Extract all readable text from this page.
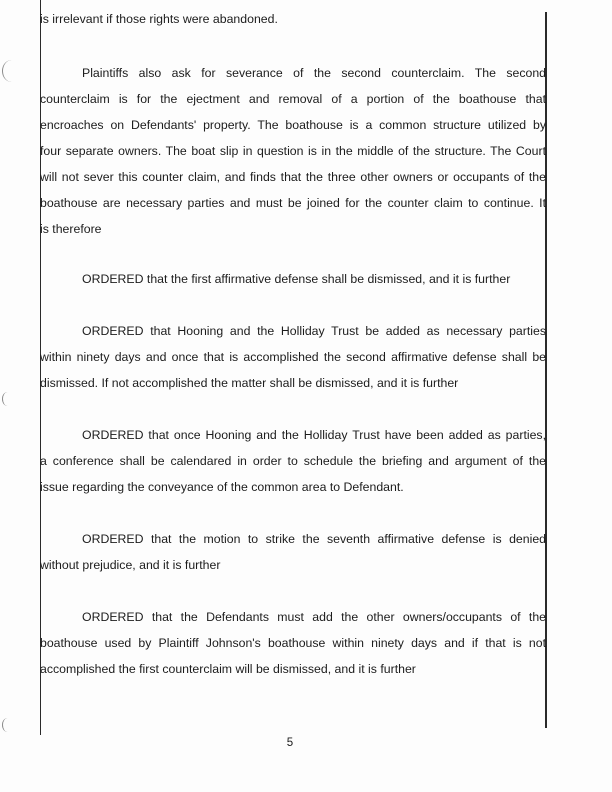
is irrelevant if those rights were abandoned.

Plaintiffs also ask for severance of the second counterclaim. The second
counterclaim is for the ejectment and removal of a portion of the boathouse that
encroaches on Defendants' property. The boathouse is a common structure utilized by
four separate owners. The boat slip in question is in the middle of the structure. The Court
will not sever this counter claim, and finds that the three other owners or occupants of the
boathouse are necessary parties and must be joined for the counter claim to continue. It
is therefore

ORDERED that the first affirmative defense shall be dismissed, and it is further

ORDERED that Hooning and the Holliday Trust be added as necessary parties
within ninety days and once that is accomplished the second affirmative defense shall be
dismissed. If not accomplished the matter shall be dismissed, and it is further

ORDERED that once Hooning and the Holliday Trust have been added as parties,
a conference shall be calendared in order to schedule the briefing and argument of the
issue regarding the conveyance of the common area to Defendant.

ORDERED that the motion to strike the seventh affirmative defense is denied
without prejudice, and it is further

ORDERED that the Defendants must add the other owners/occupants of the
boathouse used by Plaintiff Johnson's boathouse within ninety days and if that is not
accomplished the first counterclaim will be dismissed, and it is further

5
